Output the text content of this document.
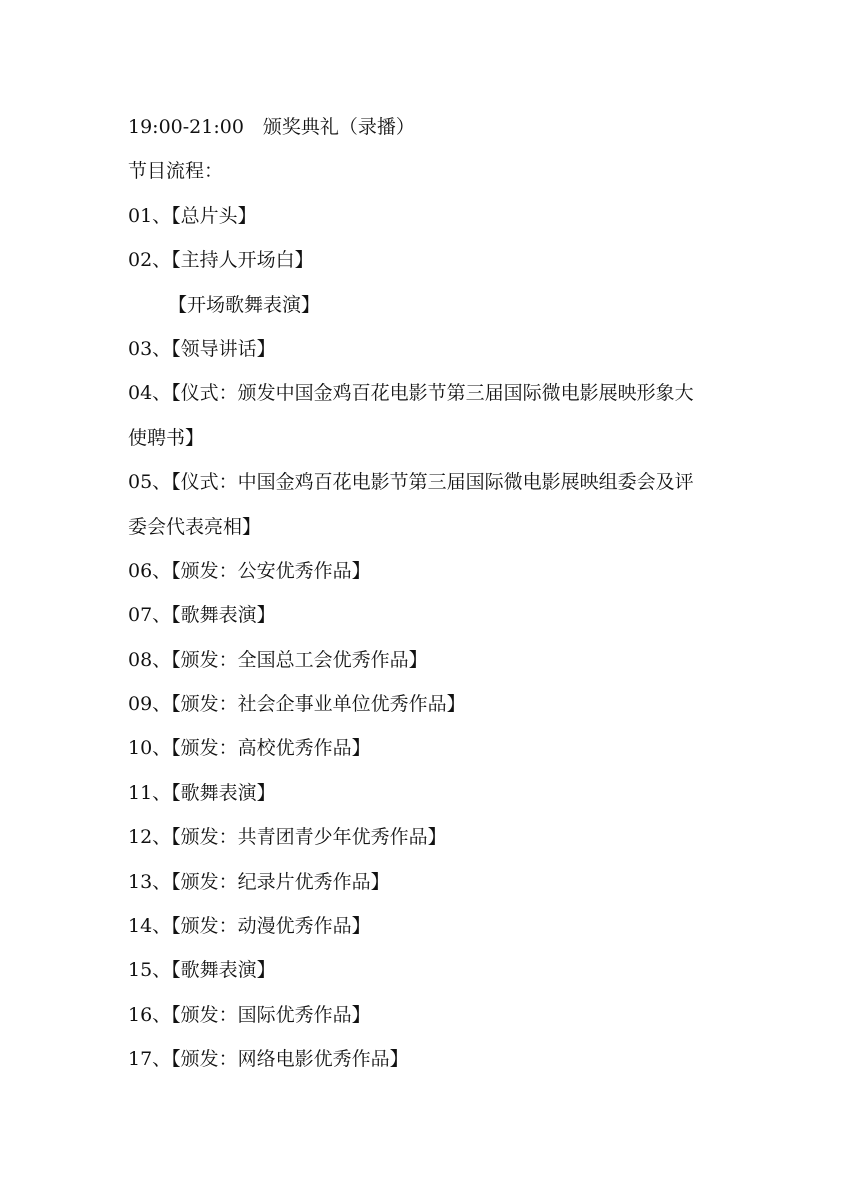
19:00-21:00　颁奖典礼（录播）
节目流程：
01、【总片头】
02、【主持人开场白】
【开场歌舞表演】
03、【领导讲话】
04、【仪式：颁发中国金鸡百花电影节第三届国际微电影展映形象大
使聘书】
05、【仪式：中国金鸡百花电影节第三届国际微电影展映组委会及评
委会代表亮相】
06、【颁发：公安优秀作品】
07、【歌舞表演】
08、【颁发：全国总工会优秀作品】
09、【颁发：社会企事业单位优秀作品】
10、【颁发：高校优秀作品】
11、【歌舞表演】
12、【颁发：共青团青少年优秀作品】
13、【颁发：纪录片优秀作品】
14、【颁发：动漫优秀作品】
15、【歌舞表演】
16、【颁发：国际优秀作品】
17、【颁发：网络电影优秀作品】
